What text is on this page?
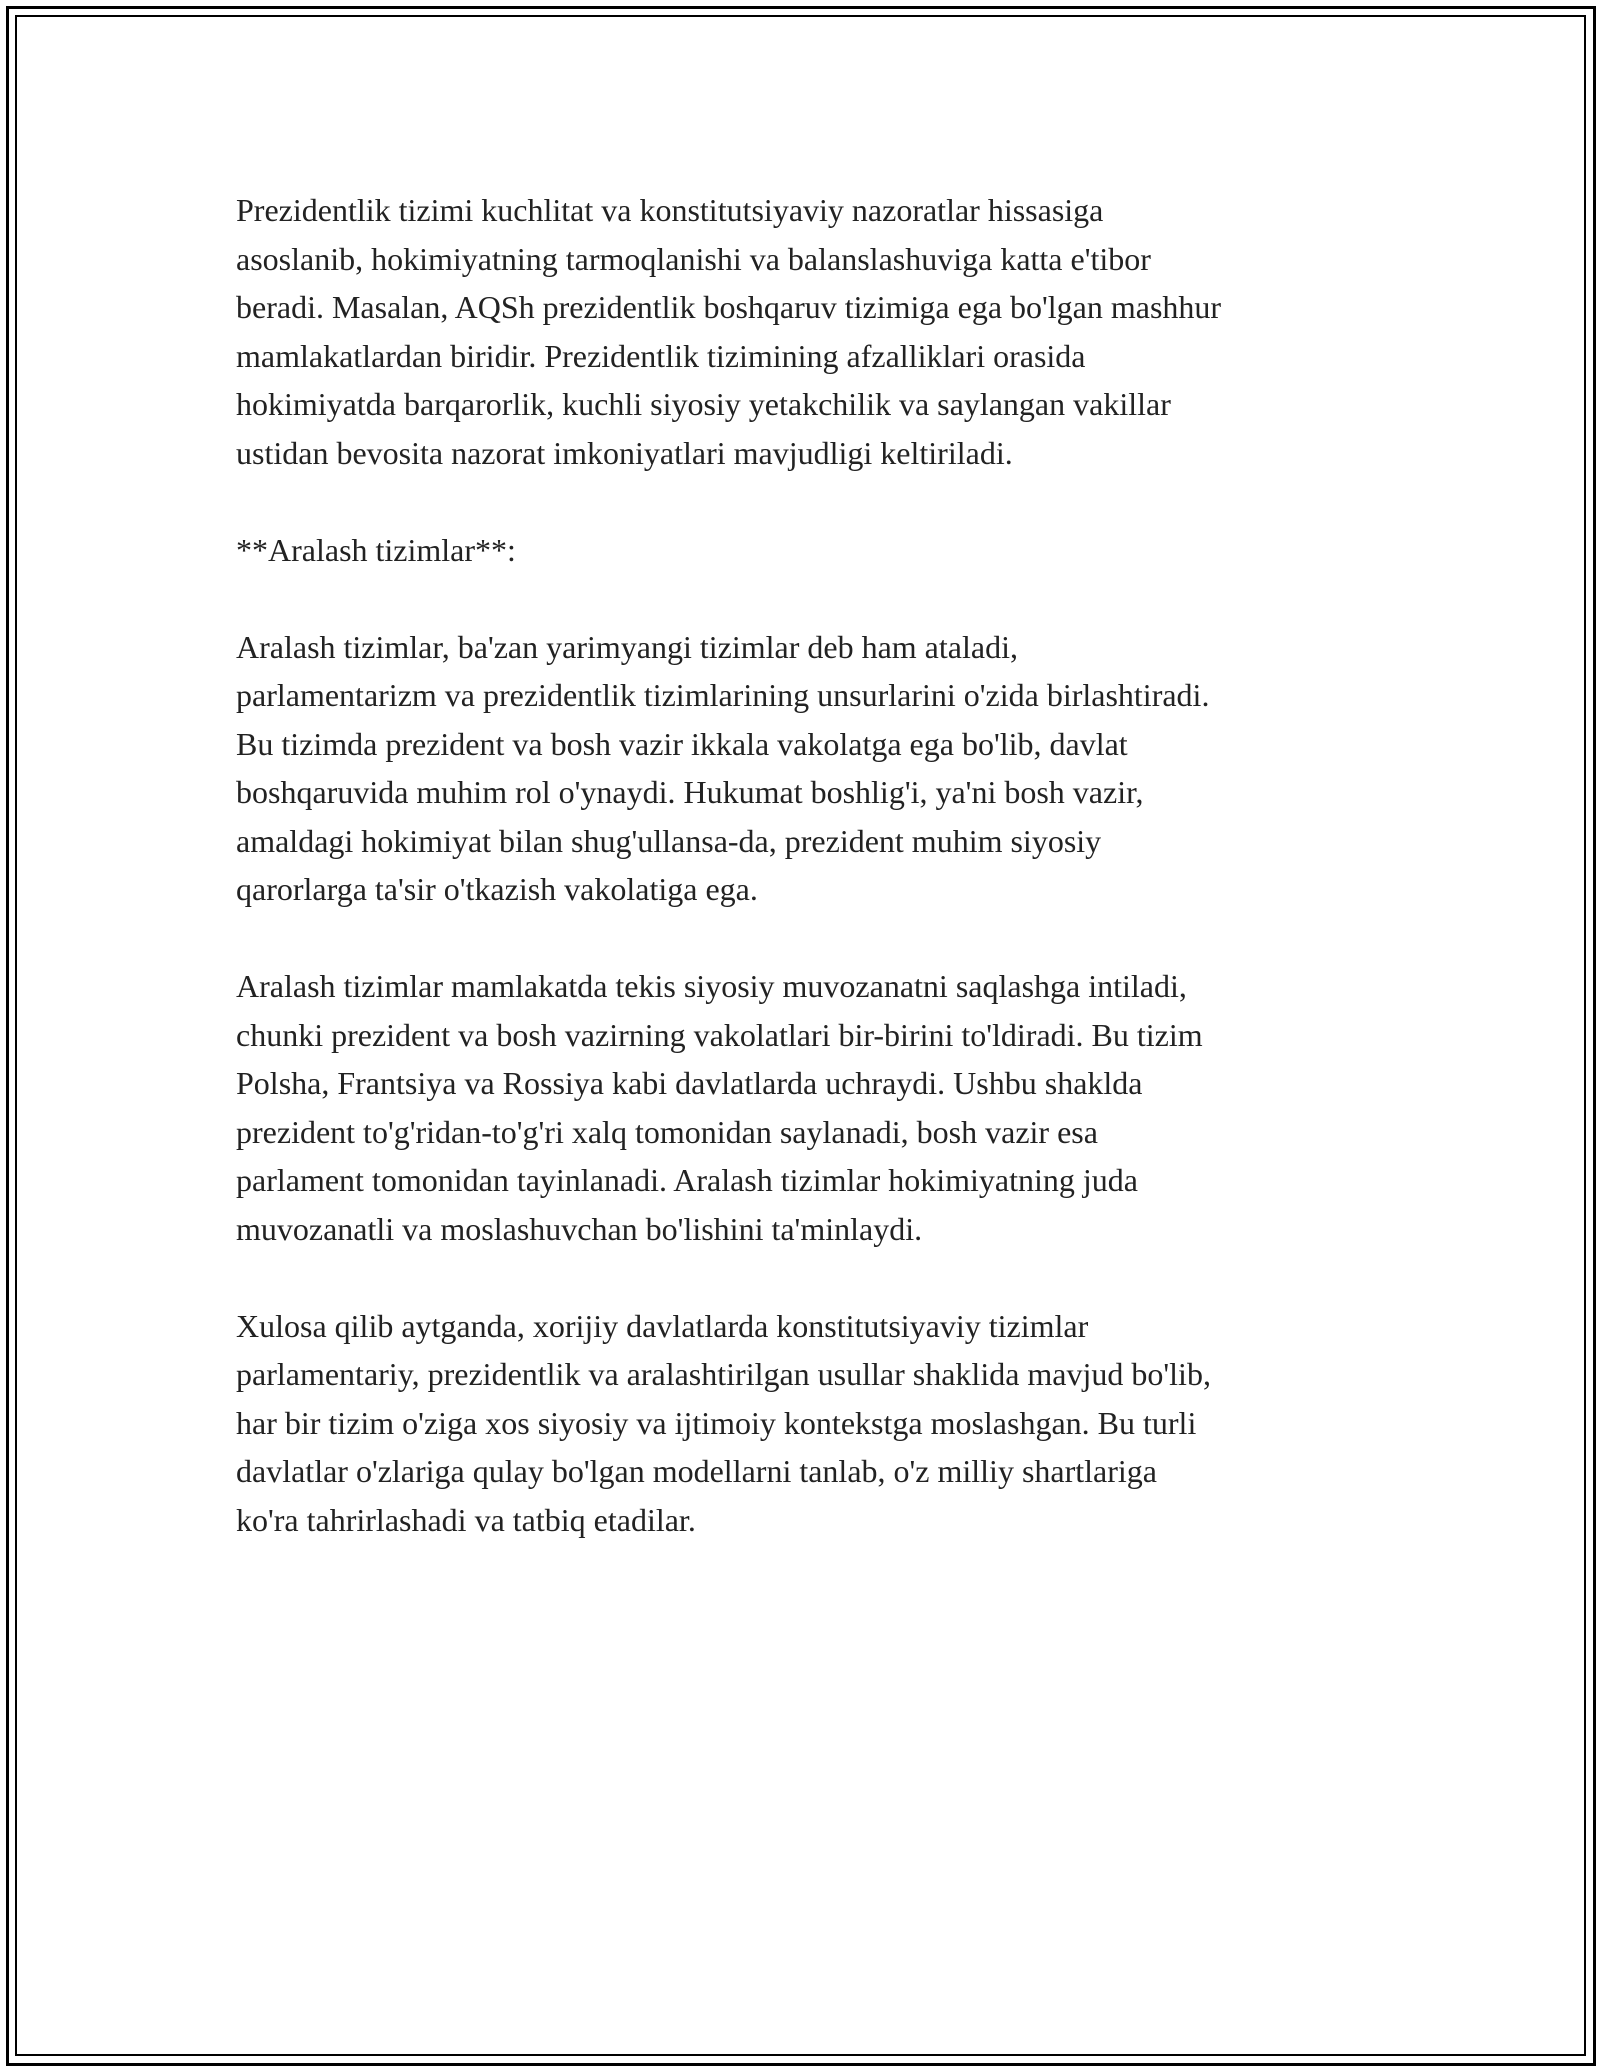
Prezidentlik tizimi kuchlitat va konstitutsiyaviy nazoratlar hissasiga
asoslanib, hokimiyatning tarmoqlanishi va balanslashuviga katta e'tibor
beradi. Masalan, AQSh prezidentlik boshqaruv tizimiga ega bo'lgan mashhur
mamlakatlardan biridir. Prezidentlik tizimining afzalliklari orasida
hokimiyatda barqarorlik, kuchli siyosiy yetakchilik va saylangan vakillar
ustidan bevosita nazorat imkoniyatlari mavjudligi keltiriladi.

**Aralash tizimlar**:

Aralash tizimlar, ba'zan yarimyangi tizimlar deb ham ataladi,
parlamentarizm va prezidentlik tizimlarining unsurlarini o'zida birlashtiradi.
Bu tizimda prezident va bosh vazir ikkala vakolatga ega bo'lib, davlat
boshqaruvida muhim rol o'ynaydi. Hukumat boshlig'i, ya'ni bosh vazir,
amaldagi hokimiyat bilan shug'ullansa-da, prezident muhim siyosiy
qarorlarga ta'sir o'tkazish vakolatiga ega.

Aralash tizimlar mamlakatda tekis siyosiy muvozanatni saqlashga intiladi,
chunki prezident va bosh vazirning vakolatlari bir-birini to'ldiradi. Bu tizim
Polsha, Frantsiya va Rossiya kabi davlatlarda uchraydi. Ushbu shaklda
prezident to'g'ridan-to'g'ri xalq tomonidan saylanadi, bosh vazir esa
parlament tomonidan tayinlanadi. Aralash tizimlar hokimiyatning juda
muvozanatli va moslashuvchan bo'lishini ta'minlaydi.

Xulosa qilib aytganda, xorijiy davlatlarda konstitutsiyaviy tizimlar
parlamentariy, prezidentlik va aralashtirilgan usullar shaklida mavjud bo'lib,
har bir tizim o'ziga xos siyosiy va ijtimoiy kontekstga moslashgan. Bu turli
davlatlar o'zlariga qulay bo'lgan modellarni tanlab, o'z milliy shartlariga
ko'ra tahrirlashadi va tatbiq etadilar.
